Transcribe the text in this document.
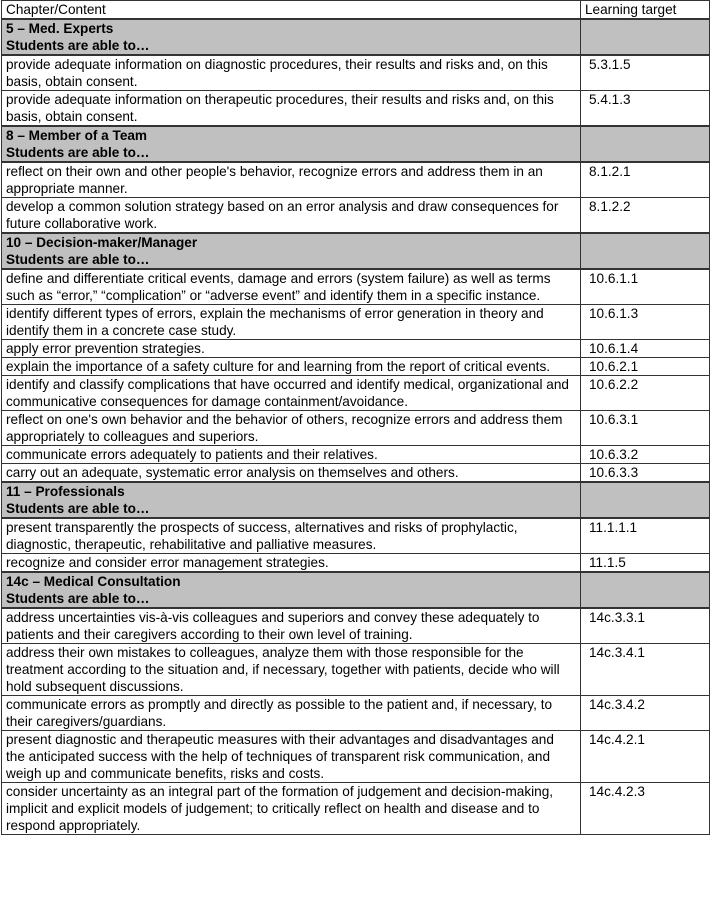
Chapter/Content	Learning target

5 – Med. Experts
Students are able to…	

provide adequate information on diagnostic procedures, their results and risks and, on this basis, obtain consent.	5.3.1.5
provide adequate information on therapeutic procedures, their results and risks and, on this basis, obtain consent.	5.4.1.3

8 – Member of a Team
Students are able to…	

reflect on their own and other people's behavior, recognize errors and address them in an appropriate manner.	8.1.2.1
develop a common solution strategy based on an error analysis and draw consequences for future collaborative work.	8.1.2.2

10 – Decision-maker/Manager
Students are able to…	

define and differentiate critical events, damage and errors (system failure) as well as terms such as “error,” “complication” or “adverse event” and identify them in a specific instance.	10.6.1.1
identify different types of errors, explain the mechanisms of error generation in theory and identify them in a concrete case study.	10.6.1.3
apply error prevention strategies.	10.6.1.4
explain the importance of a safety culture for and learning from the report of critical events.	10.6.2.1
identify and classify complications that have occurred and identify medical, organizational and communicative consequences for damage containment/avoidance.	10.6.2.2
reflect on one's own behavior and the behavior of others, recognize errors and address them appropriately to colleagues and superiors.	10.6.3.1
communicate errors adequately to patients and their relatives.	10.6.3.2
carry out an adequate, systematic error analysis on themselves and others.	10.6.3.3

11 – Professionals
Students are able to…	

present transparently the prospects of success, alternatives and risks of prophylactic, diagnostic, therapeutic, rehabilitative and palliative measures.	11.1.1.1
recognize and consider error management strategies.	11.1.5

14c – Medical Consultation
Students are able to…	

address uncertainties vis-à-vis colleagues and superiors and convey these adequately to patients and their caregivers according to their own level of training.	14c.3.3.1
address their own mistakes to colleagues, analyze them with those responsible for the treatment according to the situation and, if necessary, together with patients, decide who will hold subsequent discussions.	14c.3.4.1
communicate errors as promptly and directly as possible to the patient and, if necessary, to their caregivers/guardians.	14c.3.4.2
present diagnostic and therapeutic measures with their advantages and disadvantages and the anticipated success with the help of techniques of transparent risk communication, and weigh up and communicate benefits, risks and costs.	14c.4.2.1
consider uncertainty as an integral part of the formation of judgement and decision-making, implicit and explicit models of judgement; to critically reflect on health and disease and to respond appropriately.	14c.4.2.3
